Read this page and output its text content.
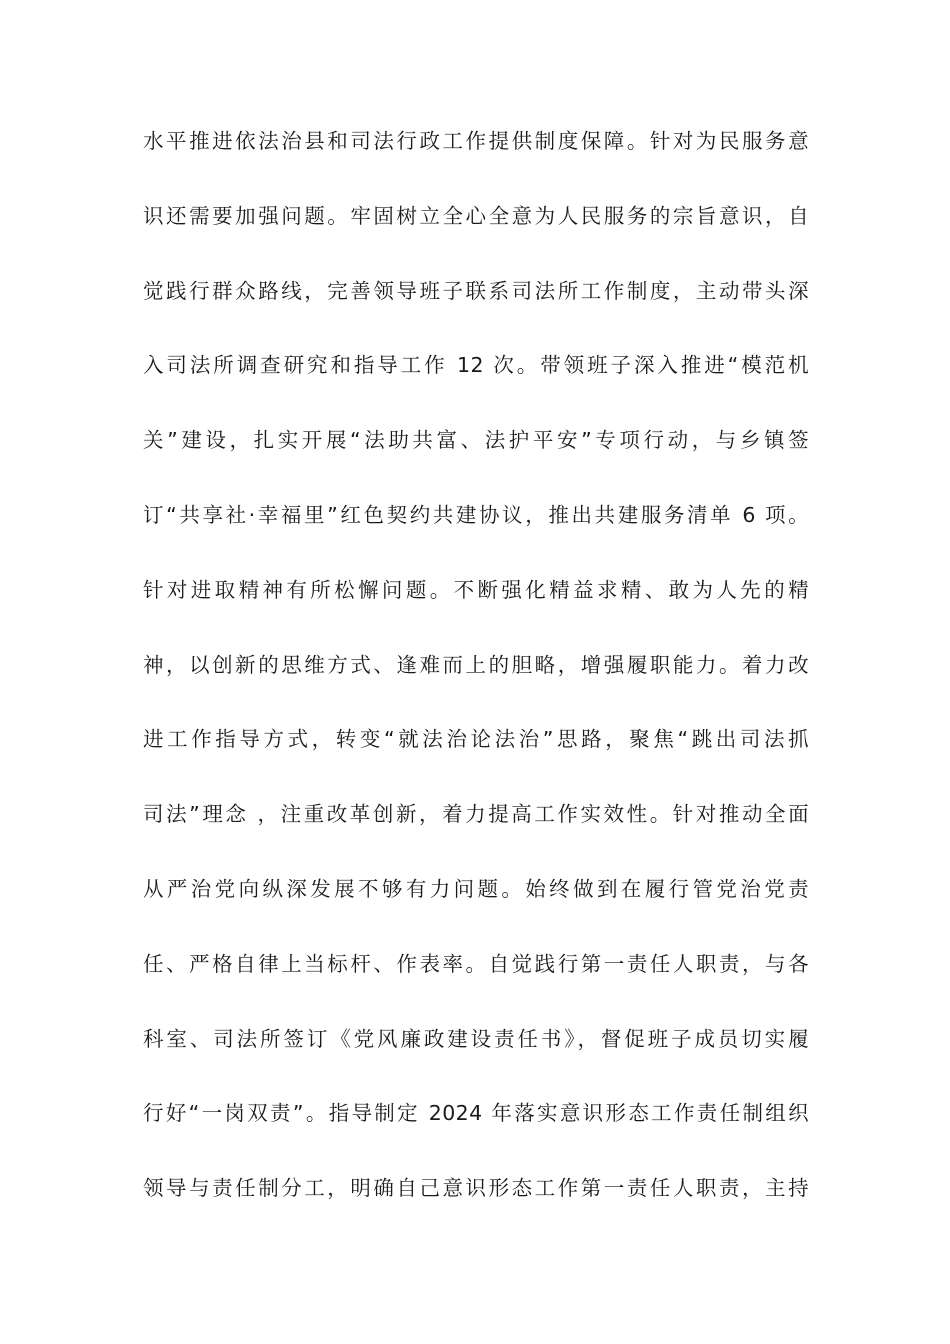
水平推进依法治县和司法行政工作提供制度保障。针对为民服务意
识还需要加强问题。牢固树立全心全意为人民服务的宗旨意识，自
觉践行群众路线，完善领导班子联系司法所工作制度，主动带头深
入司法所调查研究和指导工作 12 次。带领班子深入推进“模范机
关”建设，扎实开展“法助共富、法护平安”专项行动，与乡镇签
订“共享社·幸福里”红色契约共建协议，推出共建服务清单 6 项。
针对进取精神有所松懈问题。不断强化精益求精、敢为人先的精
神，以创新的思维方式、逢难而上的胆略，增强履职能力。着力改
进工作指导方式，转变“就法治论法治”思路，聚焦“跳出司法抓
司法”理念 ，注重改革创新，着力提高工作实效性。针对推动全面
从严治党向纵深发展不够有力问题。始终做到在履行管党治党责
任、严格自律上当标杆、作表率。自觉践行第一责任人职责，与各
科室、司法所签订《党风廉政建设责任书》，督促班子成员切实履
行好“一岗双责”。指导制定 2024 年落实意识形态工作责任制组织
领导与责任制分工，明确自己意识形态工作第一责任人职责，主持
